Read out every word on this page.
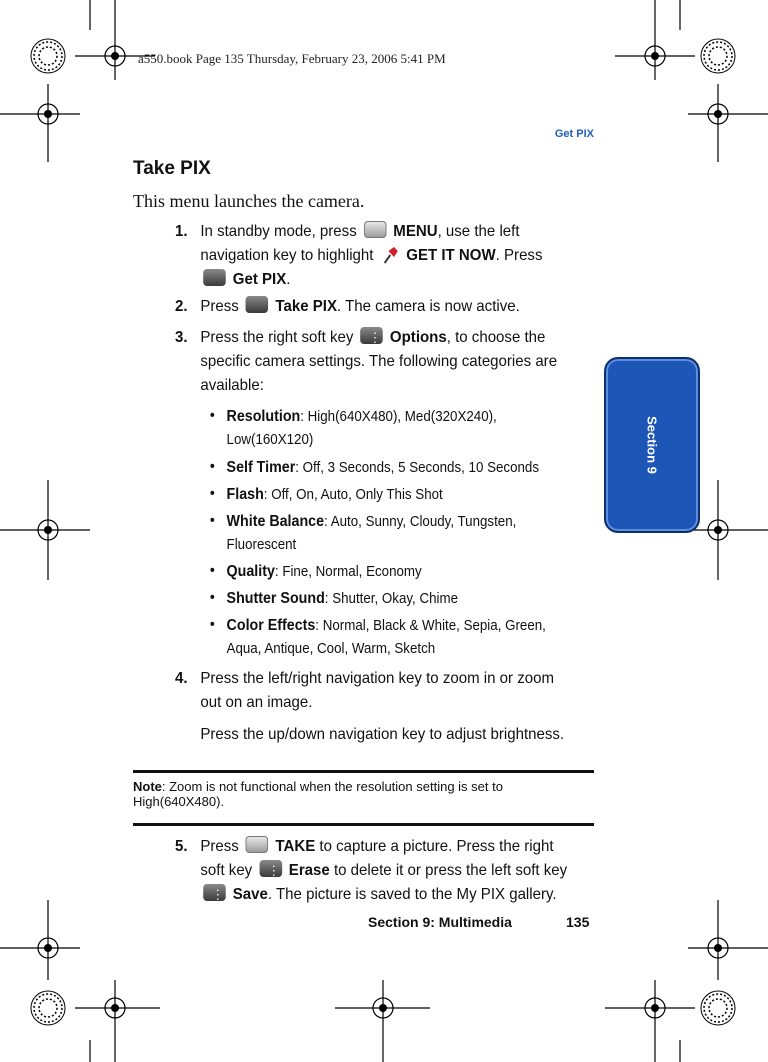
a550.book Page 135 Thursday, February 23, 2006 5:41 PM
Get PIX
Section 9
Take PIX
This menu launches the camera.
1. In standby mode, press MENU, use the left navigation key to highlight GET IT NOW. Press  Get PIX.
2. Press Take PIX. The camera is now active.
3. Press the right soft key ⋮ Options, to choose the specific camera settings. The following categories are available:
• Resolution: High(640X480), Med(320X240), Low(160X120)
• Self Timer: Off, 3 Seconds, 5 Seconds, 10 Seconds
• Flash: Off, On, Auto, Only This Shot
• White Balance: Auto, Sunny, Cloudy, Tungsten, Fluorescent
• Quality: Fine, Normal, Economy
• Shutter Sound: Shutter, Okay, Chime
• Color Effects: Normal, Black & White, Sepia, Green, Aqua, Antique, Cool, Warm, Sketch
4. Press the left/right navigation key to zoom in or zoom out on an image.
Press the up/down navigation key to adjust brightness.
Note: Zoom is not functional when the resolution setting is set to High(640X480).
5. Press TAKE to capture a picture. Press the right soft key ⋮ Erase to delete it or press the left soft key ⋮ Save. The picture is saved to the My PIX gallery.
Section 9: Multimedia	135
